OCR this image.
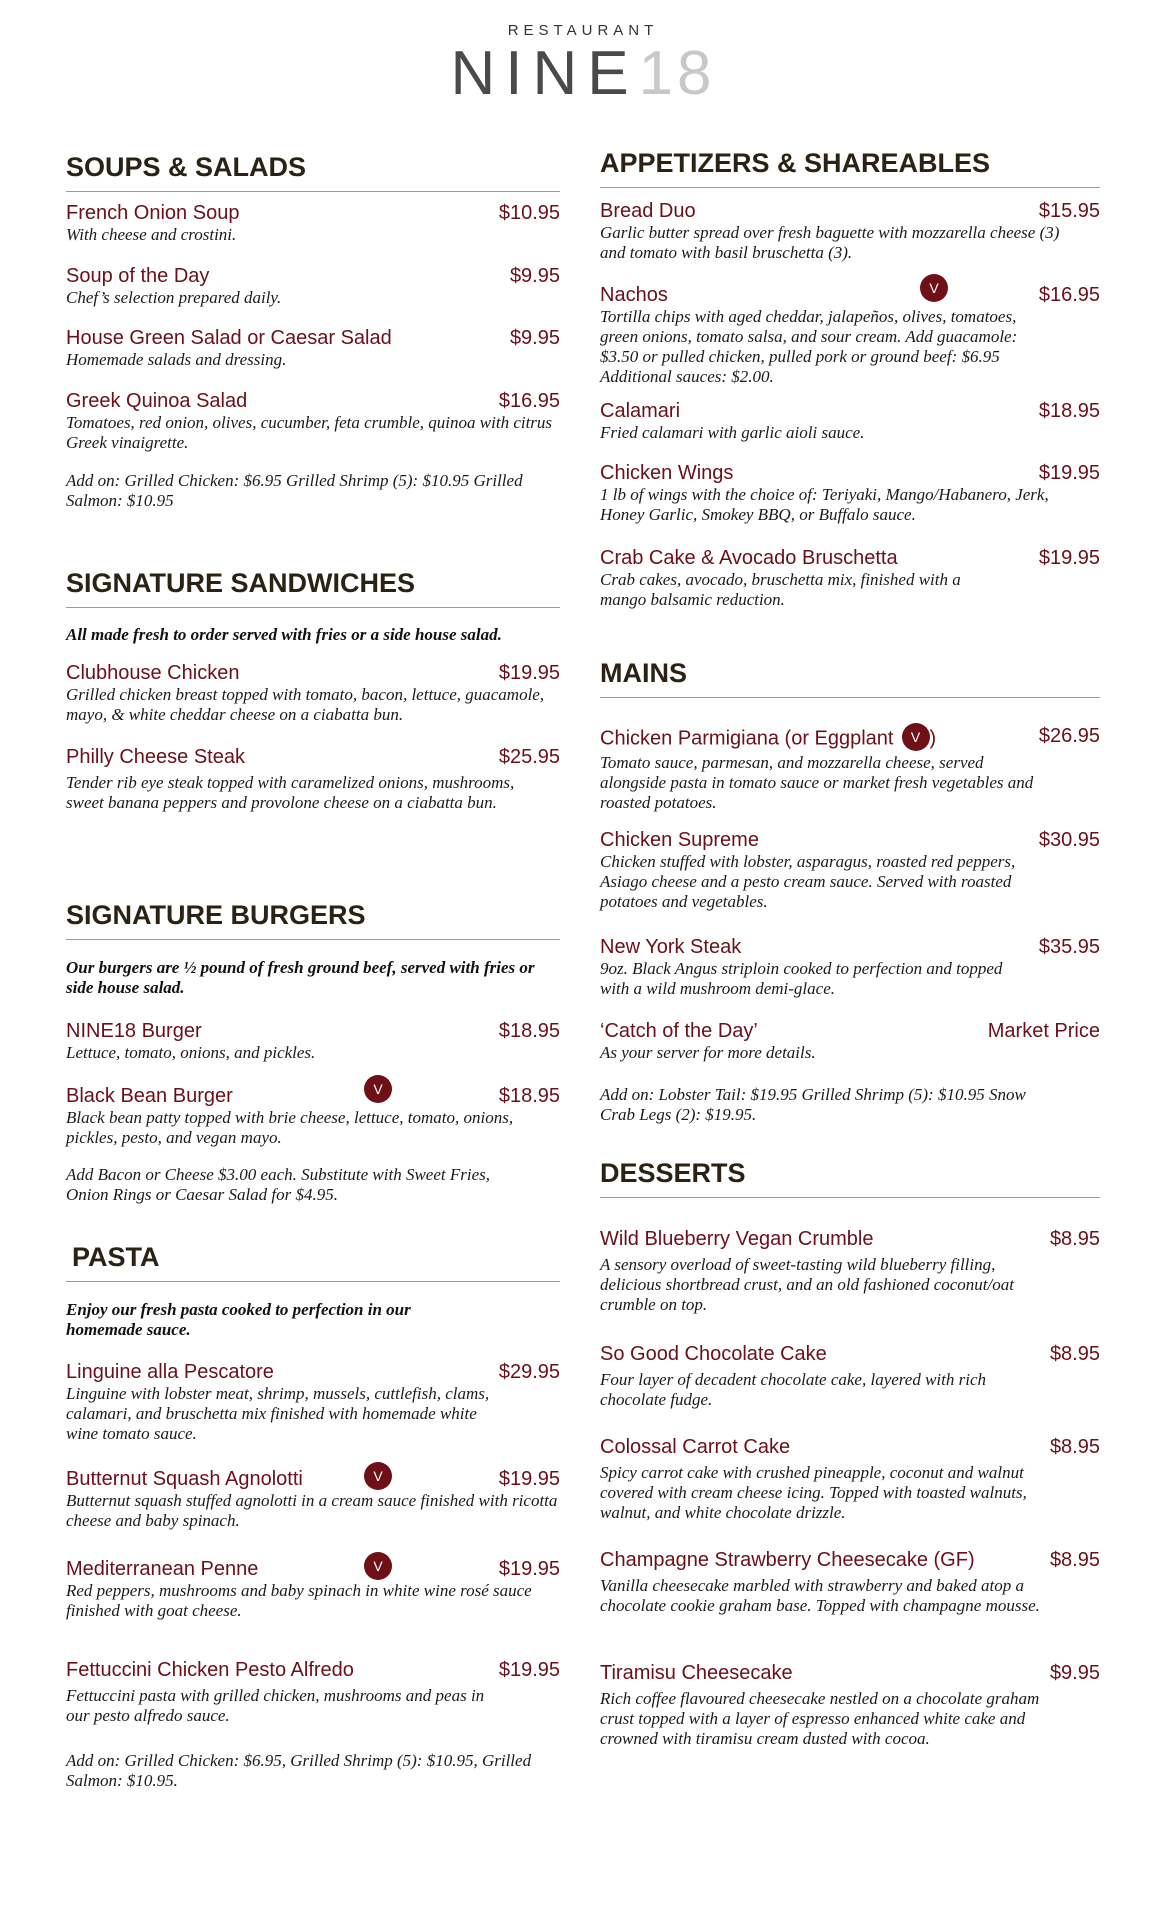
RESTAURANT
NINE18
SOUPS & SALADS
French Onion Soup	$10.95
With cheese and crostini.
Soup of the Day	$9.95
Chef’s selection prepared daily.
House Green Salad or Caesar Salad	$9.95
Homemade salads and dressing.
Greek Quinoa Salad	$16.95
Tomatoes, red onion, olives, cucumber, feta crumble, quinoa with citrus Greek vinaigrette.
Add on: Grilled Chicken: $6.95 Grilled Shrimp (5): $10.95 Grilled Salmon: $10.95
SIGNATURE SANDWICHES
All made fresh to order served with fries or a side house salad.
Clubhouse Chicken	$19.95
Grilled chicken breast topped with tomato, bacon, lettuce, guacamole, mayo, & white cheddar cheese on a ciabatta bun.
Philly Cheese Steak	$25.95
Tender rib eye steak topped with caramelized onions, mushrooms, sweet banana peppers and provolone cheese on a ciabatta bun.
SIGNATURE BURGERS
Our burgers are ½ pound of fresh ground beef, served with fries or side house salad.
NINE18 Burger	$18.95
Lettuce, tomato, onions, and pickles.
Black Bean Burger	$18.95
Black bean patty topped with brie cheese, lettuce, tomato, onions, pickles, pesto, and vegan mayo.
V
Add Bacon or Cheese $3.00 each. Substitute with Sweet Fries, Onion Rings or Caesar Salad for $4.95.
PASTA
Enjoy our fresh pasta cooked to perfection in our homemade sauce.
Linguine alla Pescatore	$29.95
Linguine with lobster meat, shrimp, mussels, cuttlefish, clams, calamari, and bruschetta mix finished with homemade white wine tomato sauce.
Butternut Squash Agnolotti	$19.95
Butternut squash stuffed agnolotti in a cream sauce finished with ricotta cheese and baby spinach.
V
Mediterranean Penne	$19.95
Red peppers, mushrooms and baby spinach in white wine rosé sauce finished with goat cheese.
V
Fettuccini Chicken Pesto Alfredo	$19.95
Fettuccini pasta with grilled chicken, mushrooms and peas in our pesto alfredo sauce.
Add on: Grilled Chicken: $6.95, Grilled Shrimp (5): $10.95, Grilled Salmon: $10.95.
APPETIZERS & SHAREABLES
Bread Duo	$15.95
Garlic butter spread over fresh baguette with mozzarella cheese (3) and tomato with basil bruschetta (3).
Nachos	$16.95
Tortilla chips with aged cheddar, jalapeños, olives, tomatoes, green onions, tomato salsa, and sour cream. Add guacamole: $3.50 or pulled chicken, pulled pork or ground beef: $6.95 Additional sauces: $2.00.
V
Calamari	$18.95
Fried calamari with garlic aioli sauce.
Chicken Wings	$19.95
1 lb of wings with the choice of: Teriyaki, Mango/Habanero, Jerk, Honey Garlic, Smokey BBQ, or Buffalo sauce.
Crab Cake & Avocado Bruschetta	$19.95
Crab cakes, avocado, bruschetta mix, finished with a mango balsamic reduction.
MAINS
Chicken Parmigiana (or Eggplant V )	$26.95
Tomato sauce, parmesan, and mozzarella cheese, served alongside pasta in tomato sauce or market fresh vegetables and roasted potatoes.
Chicken Supreme	$30.95
Chicken stuffed with lobster, asparagus, roasted red peppers, Asiago cheese and a pesto cream sauce. Served with roasted potatoes and vegetables.
New York Steak	$35.95
9oz. Black Angus striploin cooked to perfection and topped with a wild mushroom demi-glace.
‘Catch of the Day’	Market Price
As your server for more details.
Add on: Lobster Tail: $19.95 Grilled Shrimp (5): $10.95 Snow Crab Legs (2): $19.95.
DESSERTS
Wild Blueberry Vegan Crumble	$8.95
A sensory overload of sweet-tasting wild blueberry filling, delicious shortbread crust, and an old fashioned coconut/oat crumble on top.
So Good Chocolate Cake	$8.95
Four layer of decadent chocolate cake, layered with rich chocolate fudge.
Colossal Carrot Cake	$8.95
Spicy carrot cake with crushed pineapple, coconut and walnut covered with cream cheese icing. Topped with toasted walnuts, walnut, and white chocolate drizzle.
Champagne Strawberry Cheesecake (GF)	$8.95
Vanilla cheesecake marbled with strawberry and baked atop a chocolate cookie graham base. Topped with champagne mousse.
Tiramisu Cheesecake	$9.95
Rich coffee flavoured cheesecake nestled on a chocolate graham crust topped with a layer of espresso enhanced white cake and crowned with tiramisu cream dusted with cocoa.
